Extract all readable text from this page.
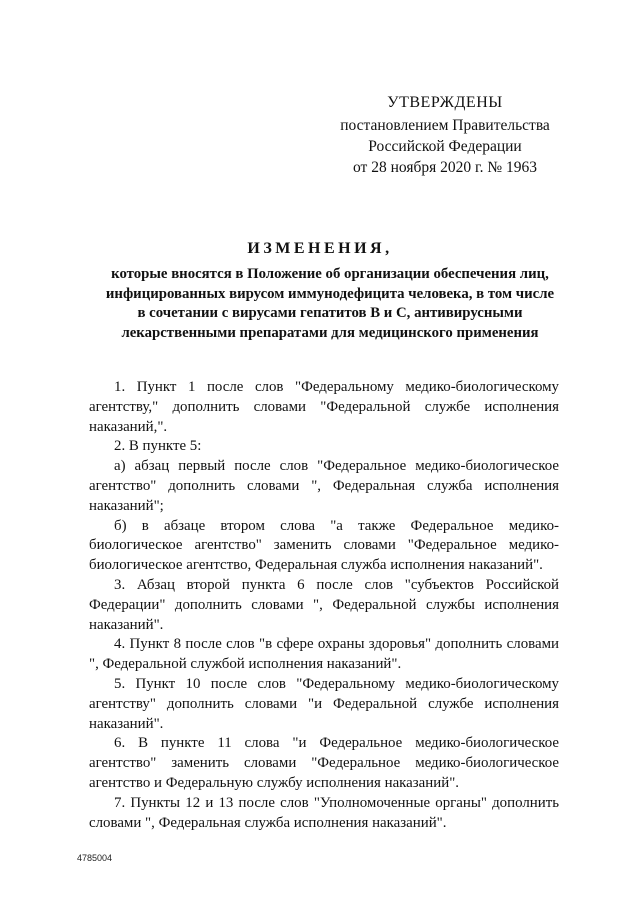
УТВЕРЖДЕНЫ
постановлением Правительства
Российской Федерации
от 28 ноября 2020 г. № 1963
ИЗМЕНЕНИЯ,
которые вносятся в Положение об организации обеспечения лиц,
инфицированных вирусом иммунодефицита человека, в том числе
в сочетании с вирусами гепатитов B и C, антивирусными
лекарственными препаратами для медицинского применения
1. Пункт 1 после слов "Федеральному медико-биологическому
агентству," дополнить словами "Федеральной службе исполнения
наказаний,".
2. В пункте 5:
а) абзац первый после слов "Федеральное медико-биологическое
агентство" дополнить словами ", Федеральная служба исполнения
наказаний";
б) в абзаце втором слова "а также Федеральное медико-
биологическое агентство" заменить словами "Федеральное медико-
биологическое агентство, Федеральная служба исполнения наказаний".
3. Абзац второй пункта 6 после слов "субъектов Российской
Федерации" дополнить словами ", Федеральной службы исполнения
наказаний".
4. Пункт 8 после слов "в сфере охраны здоровья" дополнить словами
", Федеральной службой исполнения наказаний".
5. Пункт 10 после слов "Федеральному медико-биологическому
агентству" дополнить словами "и Федеральной службе исполнения
наказаний".
6. В пункте 11 слова "и Федеральное медико-биологическое
агентство" заменить словами "Федеральное медико-биологическое
агентство и Федеральную службу исполнения наказаний".
7. Пункты 12 и 13 после слов "Уполномоченные органы" дополнить
словами ", Федеральная служба исполнения наказаний".
4785004
